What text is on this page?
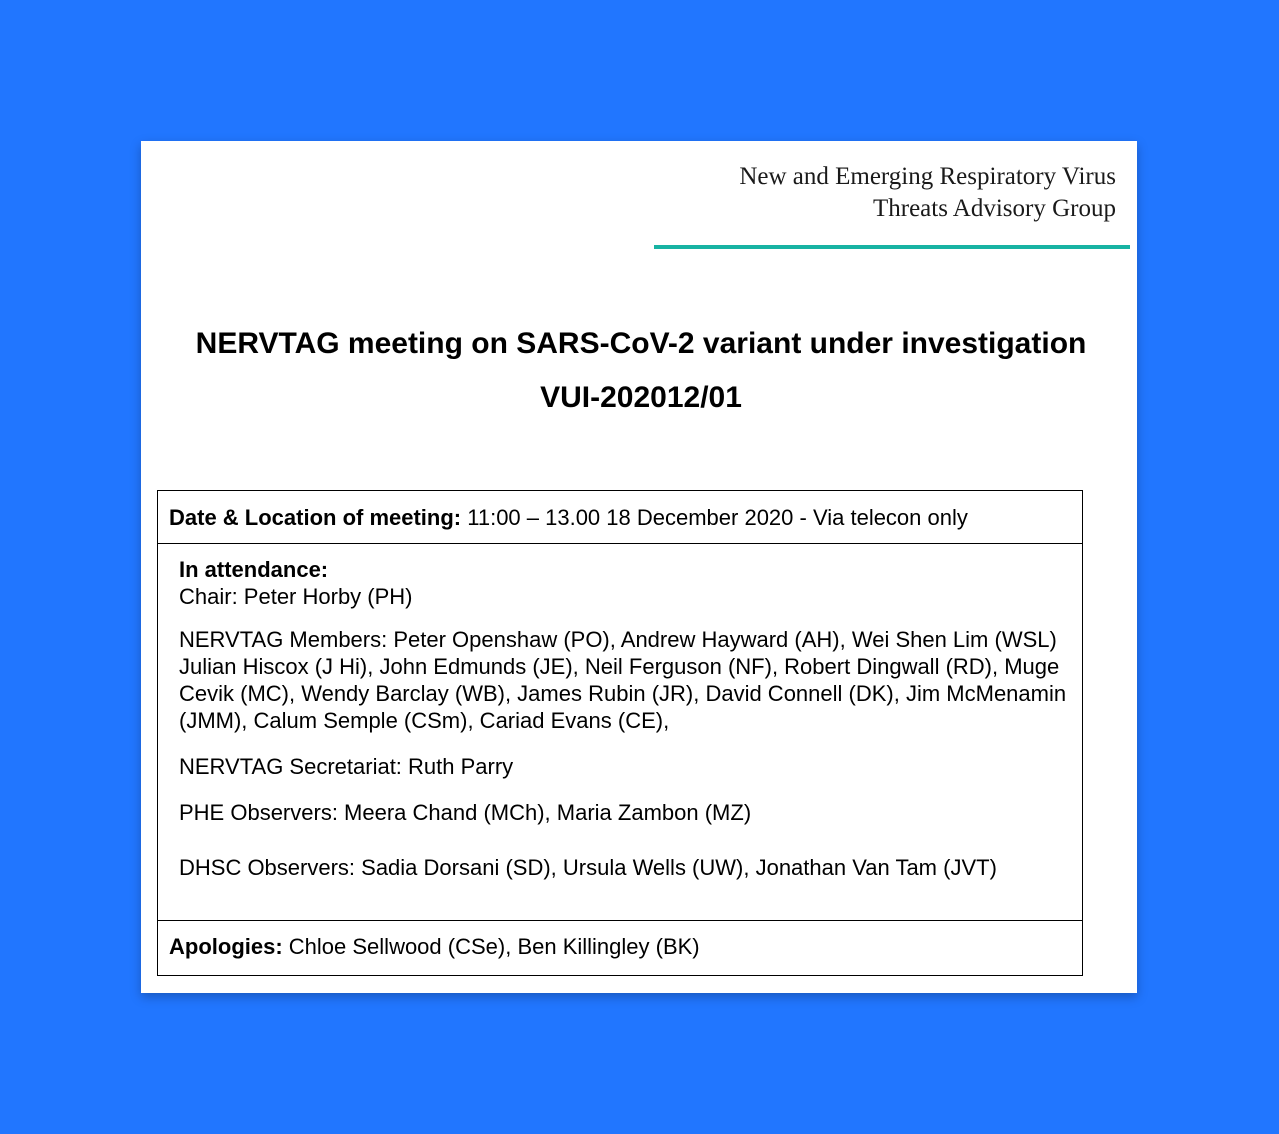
New and Emerging Respiratory Virus
Threats Advisory Group
NERVTAG meeting on SARS-CoV-2 variant under investigation
VUI-202012/01
Date & Location of meeting: 11:00 – 13.00 18 December 2020 - Via telecon only

In attendance:

Chair: Peter Horby (PH)

NERVTAG Members: Peter Openshaw (PO), Andrew Hayward (AH), Wei Shen Lim (WSL) Julian Hiscox (J Hi), John Edmunds (JE), Neil Ferguson (NF), Robert Dingwall (RD), Muge Cevik (MC), Wendy Barclay (WB), James Rubin (JR), David Connell (DK), Jim McMenamin (JMM), Calum Semple (CSm), Cariad Evans (CE),

NERVTAG Secretariat: Ruth Parry

PHE Observers: Meera Chand (MCh), Maria Zambon (MZ)

DHSC Observers: Sadia Dorsani (SD), Ursula Wells (UW), Jonathan Van Tam (JVT)

Apologies: Chloe Sellwood (CSe), Ben Killingley (BK)
